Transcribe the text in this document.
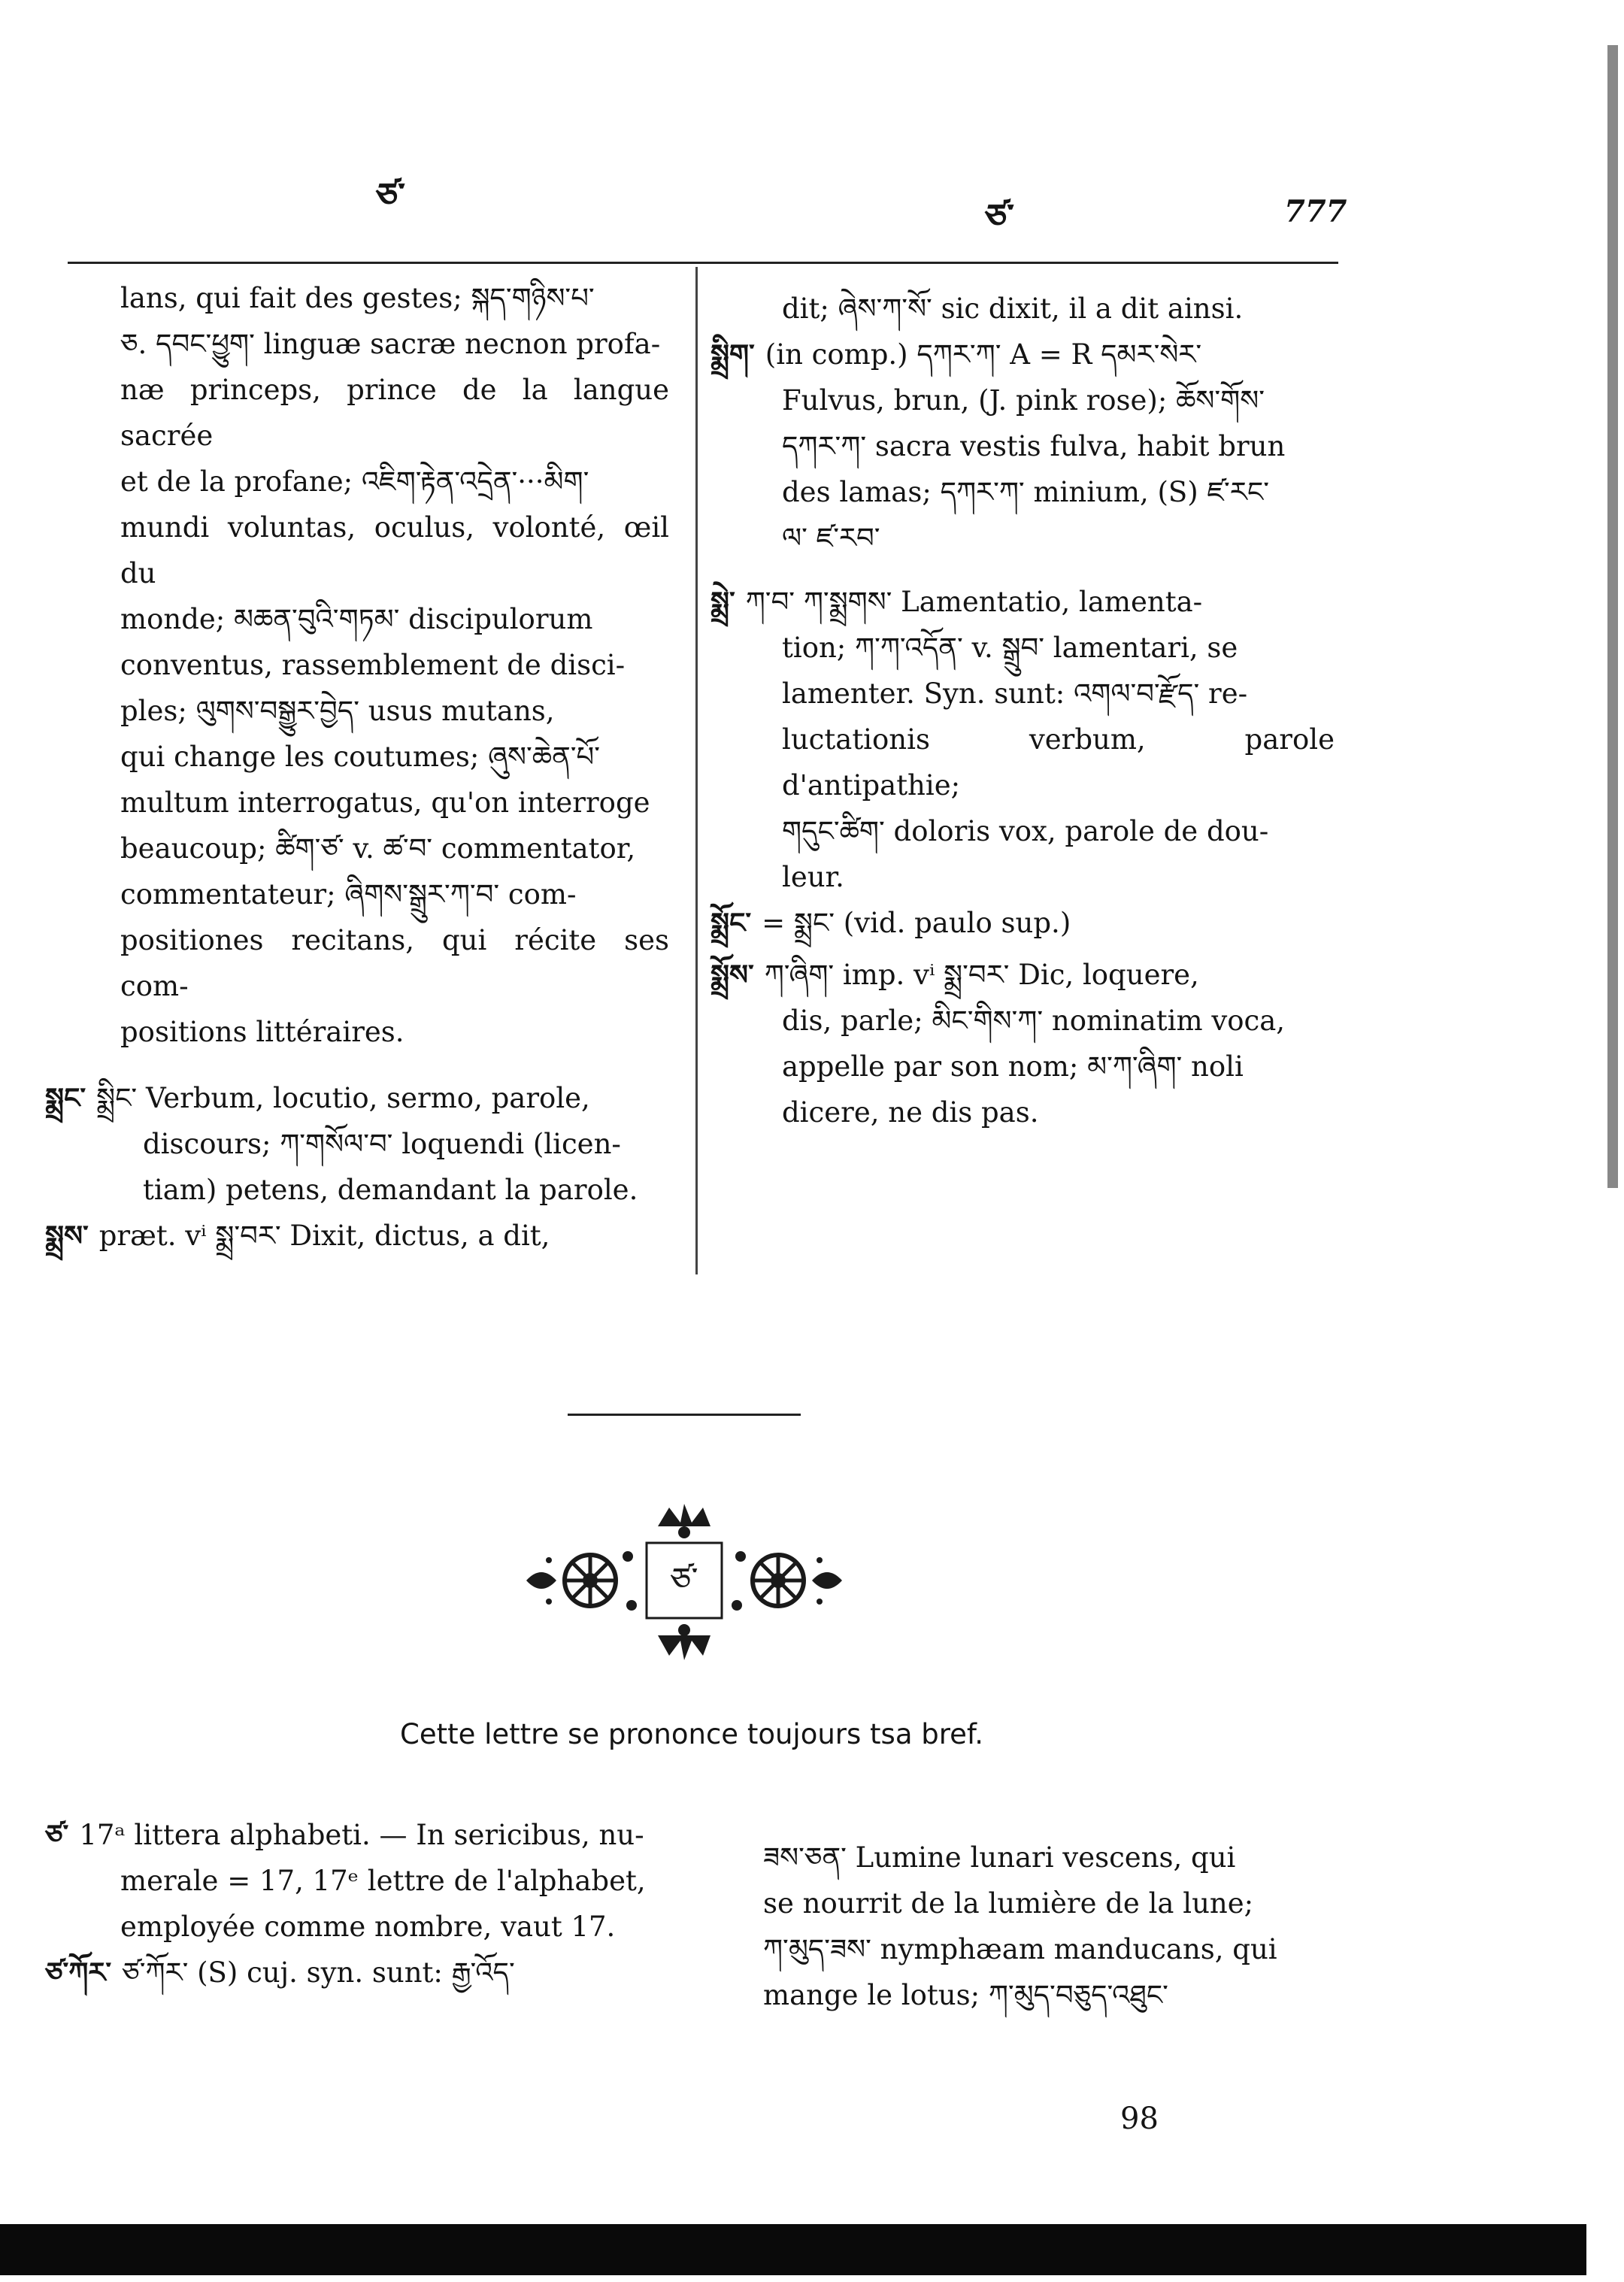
ཙ་
ཙ་	777

lans, qui fait des gestes; སྐད་གཉིས་པ་

ཅ. དབང་ཕྱུག་ linguæ sacræ necnon profa-

næ princeps, prince de la langue sacrée

et de la profane; འཇིག་རྟེན་འདྲེན་···མིག་

mundi voluntas, oculus, volonté, œil du

monde; མཆན་བུའི་གཏམ་ discipulorum

conventus, rassemblement de disci-

ples; ལུགས་བསྒྱུར་བྱེད་ usus mutans,

qui change les coutumes; ཞུས་ཆེན་པོ་

multum interrogatus, qu'on interroge

beaucoup; ཚིག་ཙ་ v. ཚ་བ་ commentator,

commentateur; ཞིགས་སྒྲུར་ཀ་བ་ com-

positiones recitans, qui récite ses com-

positions littéraires.

སྨྲང་ སྨྲིང་ Verbum, locutio, sermo, parole,

discours; ཀ་གསོལ་བ་ loquendi (licen-

tiam) petens, demandant la parole.

སྨྲས་ præt. vⁱ སྨྲ་བར་ Dixit, dictus, a dit,

dit; ཞེས་ཀ་སོ་ sic dixit, il a dit ainsi.

སྨྲིག་ (in comp.) དཀར་ཀ་ A = R དམར་སེར་

Fulvus, brun, (J. pink rose); ཆོས་གོས་

དཀར་ཀ་ sacra vestis fulva, habit brun

des lamas; དཀར་ཀ་ minium, (S) ཛ་རང་

ལ་ ཛ་རབ་

སྨྲེ་ ཀ་བ་ ཀ་སྨྲགས་ Lamentatio, lamenta-

tion; ཀ་ཀ་འདོན་ v. སྒྲུབ་ lamentari, se

lamenter. Syn. sunt: འགལ་བ་རྫོད་ re-

luctationis verbum, parole d'antipathie;

གདུང་ཚིག་ doloris vox, parole de dou-

leur.

སྨྲོང་ = སྨྲང་ (vid. paulo sup.)
སྨྲོས་ ཀ་ཞིག་ imp. vⁱ སྨྲ་བར་ Dic, loquere,

dis, parle; མིང་གིས་ཀ་ nominatim voca,

appelle par son nom; མ་ཀ་ཞིག་ noli

dicere, ne dis pas.

ཙ་
Cette lettre se prononce toujours tsa bref.
ཙ་ 17ᵃ littera alphabeti. — In sericibus, nu-

merale = 17, 17ᵉ lettre de l'alphabet,

employée comme nombre, vaut 17.

ཙ་ཀོར་ ཙ་ཀོར་ (S) cuj. syn. sunt: རྒྱ་འོད་

ཟས་ཅན་ Lumine lunari vescens, qui

se nourrit de la lumière de la lune;

ཀ་མུད་ཟས་ nymphæam manducans, qui

mange le lotus; ཀ་མུད་བཅུད་འཐུང་

98
